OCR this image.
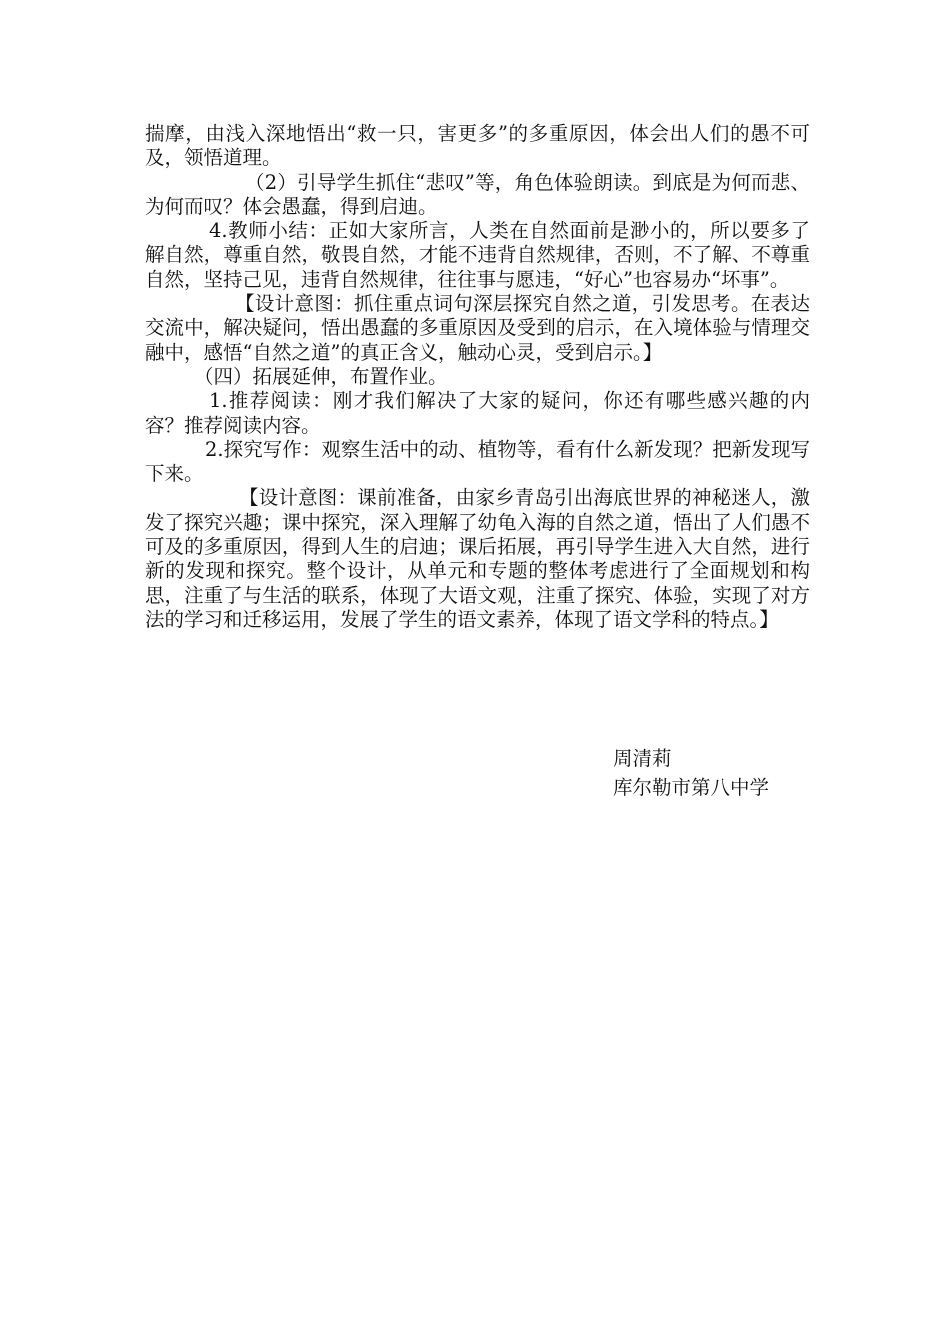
揣摩，由浅入深地悟出“救一只，害更多”的多重原因，体会出人们的愚不可及，领悟道理。

（2）引导学生抓住“悲叹”等，角色体验朗读。到底是为何而悲、为何而叹？体会愚蠢，得到启迪。

4.教师小结：正如大家所言，人类在自然面前是渺小的，所以要多了解自然，尊重自然，敬畏自然，才能不违背自然规律，否则，不了解、不尊重自然，坚持己见，违背自然规律，往往事与愿违，“好心”也容易办“坏事”。

【设计意图：抓住重点词句深层探究自然之道，引发思考。在表达交流中，解决疑问，悟出愚蠢的多重原因及受到的启示，在入境体验与情理交融中，感悟“自然之道”的真正含义，触动心灵，受到启示。】

（四）拓展延伸，布置作业。

1.推荐阅读：刚才我们解决了大家的疑问，你还有哪些感兴趣的内容？推荐阅读内容。

2.探究写作：观察生活中的动、植物等，看有什么新发现？把新发现写下来。

【设计意图：课前准备，由家乡青岛引出海底世界的神秘迷人，激发了探究兴趣；课中探究，深入理解了幼龟入海的自然之道，悟出了人们愚不可及的多重原因，得到人生的启迪；课后拓展，再引导学生进入大自然，进行新的发现和探究。整个设计，从单元和专题的整体考虑进行了全面规划和构思，注重了与生活的联系，体现了大语文观，注重了探究、体验，实现了对方法的学习和迁移运用，发展了学生的语文素养，体现了语文学科的特点。】

周清莉
库尔勒市第八中学
